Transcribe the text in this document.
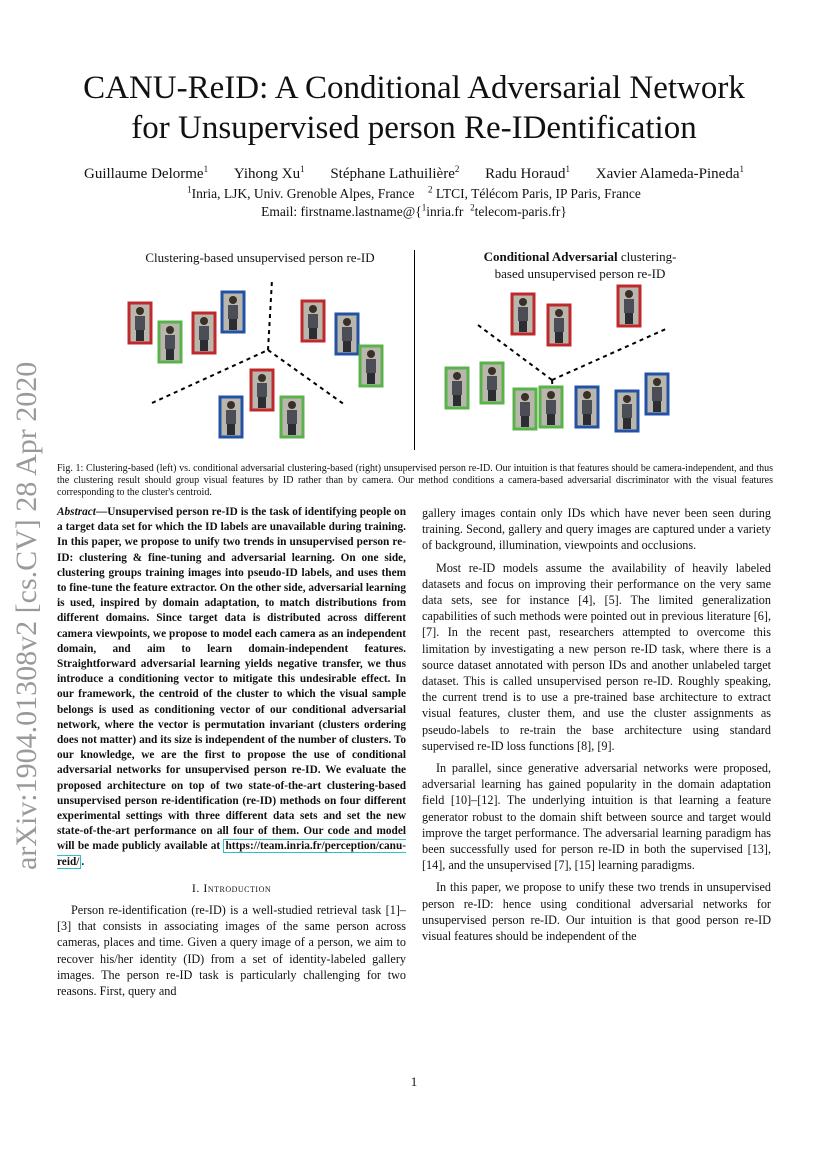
CANU-ReID: A Conditional Adversarial Network
for Unsupervised person Re-IDentification
Guillaume Delorme$^1$ Yihong Xu$^1$ Stéphane Lathuilière$^2$ Radu Horaud$^1$ Xavier Alameda-Pineda$^1$
$^1$Inria, LJK, Univ. Grenoble Alpes, France $^2$ LTCI, Télécom Paris, IP Paris, France
Email: firstname.lastname@{$^1$inria.fr $^2$telecom-paris.fr}
Clustering-based unsupervised person re-ID	Conditional Adversarial clustering-
based unsupervised person re-ID
Fig. 1: Clustering-based (left) vs. conditional adversarial clustering-based (right) unsupervised person re-ID. Our intuition is that features should be camera-independent, and thus the clustering result should group visual features by ID rather than by camera. Our method conditions a camera-based adversarial discriminator with the visual features corresponding to the cluster's centroid.

Abstract—Unsupervised person re-ID is the task of identifying people on a target data set for which the ID labels are unavailable during training. In this paper, we propose to unify two trends in unsupervised person re-ID: clustering & fine-tuning and adversarial learning. On one side, clustering groups training images into pseudo-ID labels, and uses them to fine-tune the feature extractor. On the other side, adversarial learning is used, inspired by domain adaptation, to match distributions from different domains. Since target data is distributed across different camera viewpoints, we propose to model each camera as an independent domain, and aim to learn domain-independent features. Straightforward adversarial learning yields negative transfer, we thus introduce a conditioning vector to mitigate this undesirable effect. In our framework, the centroid of the cluster to which the visual sample belongs is used as conditioning vector of our conditional adversarial network, where the vector is permutation invariant (clusters ordering does not matter) and its size is independent of the number of clusters. To our knowledge, we are the first to propose the use of conditional adversarial networks for unsupervised person re-ID. We evaluate the proposed architecture on top of two state-of-the-art clustering-based unsupervised person re-identification (re-ID) methods on four different experimental settings with three different data sets and set the new state-of-the-art performance on all four of them. Our code and model will be made publicly available at https://team.inria.fr/perception/canu-reid/ .

I. Introduction

Person re-identification (re-ID) is a well-studied retrieval task [1]–[3] that consists in associating images of the same person across cameras, places and time. Given a query image of a person, we aim to recover his/her identity (ID) from a set of identity-labeled gallery images. The person re-ID task is particularly challenging for two reasons. First, query and

gallery images contain only IDs which have never been seen during training. Second, gallery and query images are captured under a variety of background, illumination, viewpoints and occlusions.

Most re-ID models assume the availability of heavily labeled datasets and focus on improving their performance on the very same data sets, see for instance [4], [5]. The limited generalization capabilities of such methods were pointed out in previous literature [6], [7]. In the recent past, researchers attempted to overcome this limitation by investigating a new person re-ID task, where there is a source dataset annotated with person IDs and another unlabeled target dataset. This is called unsupervised person re-ID. Roughly speaking, the current trend is to use a pre-trained base architecture to extract visual features, cluster them, and use the cluster assignments as pseudo-labels to re-train the base architecture using standard supervised re-ID loss functions [8], [9].

In parallel, since generative adversarial networks were proposed, adversarial learning has gained popularity in the domain adaptation field [10]–[12]. The underlying intuition is that learning a feature generator robust to the domain shift between source and target would improve the target performance. The adversarial learning paradigm has been successfully used for person re-ID in both the supervised [13], [14], and the unsupervised [7], [15] learning paradigms.

In this paper, we propose to unify these two trends in unsupervised person re-ID: hence using conditional adversarial networks for unsupervised person re-ID. Our intuition is that good person re-ID visual features should be independent of the

arXiv:1904.01308v2 [cs.CV] 28 Apr 2020
1
